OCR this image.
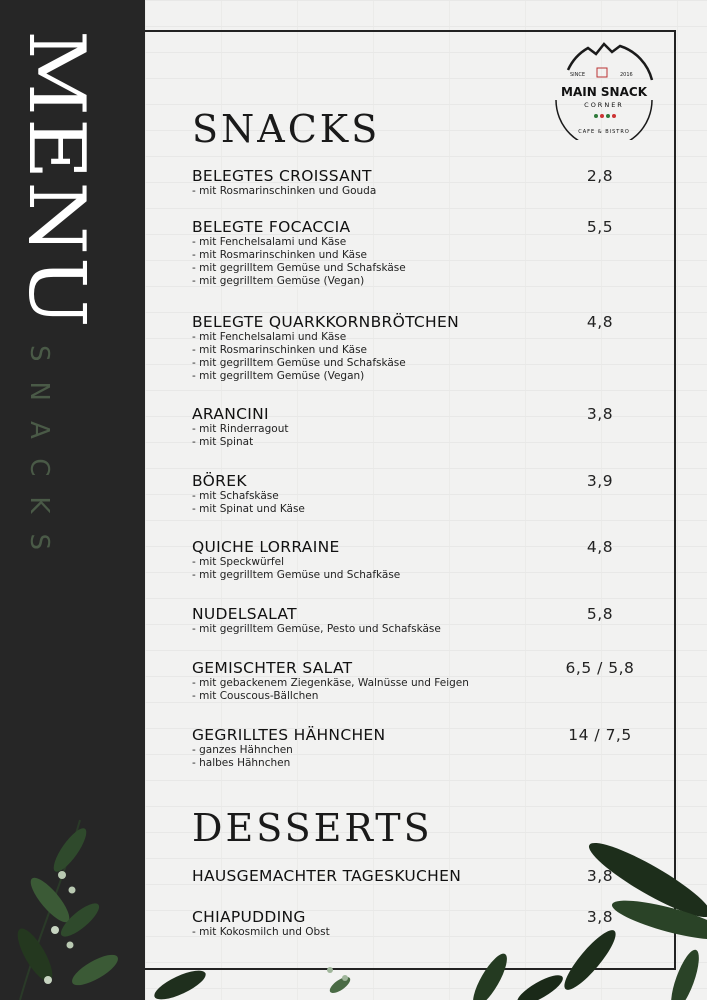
MENU
SNACKS
SINCE	2016
MAIN SNACK
CORNER
CAFE & BISTRO
SNACKS
BELEGTES CROISSANT
- mit Rosmarinschinken und Gouda
2,8
BELEGTE FOCACCIA
- mit Fenchelsalami und Käse
- mit Rosmarinschinken und Käse
- mit gegrilltem Gemüse und Schafskäse
- mit gegrilltem Gemüse (Vegan)
5,5
BELEGTE QUARKKORNBRÖTCHEN
- mit Fenchelsalami und Käse
- mit Rosmarinschinken und Käse
- mit gegrilltem Gemüse und Schafskäse
- mit gegrilltem Gemüse (Vegan)
4,8
ARANCINI
- mit Rinderragout
- mit Spinat
3,8
BÖREK
- mit Schafskäse
- mit Spinat und Käse
3,9
QUICHE LORRAINE
- mit Speckwürfel
- mit gegrilltem Gemüse und Schafkäse
4,8
NUDELSALAT
- mit gegrilltem Gemüse, Pesto und Schafskäse
5,8
GEMISCHTER SALAT
- mit gebackenem Ziegenkäse, Walnüsse und Feigen
- mit Couscous-Bällchen
6,5 / 5,8
GEGRILLTES HÄHNCHEN
- ganzes Hähnchen
- halbes Hähnchen
14 / 7,5
DESSERTS
HAUSGEMACHTER TAGESKUCHEN	3,8
CHIAPUDDING
- mit Kokosmilch und Obst
3,8
